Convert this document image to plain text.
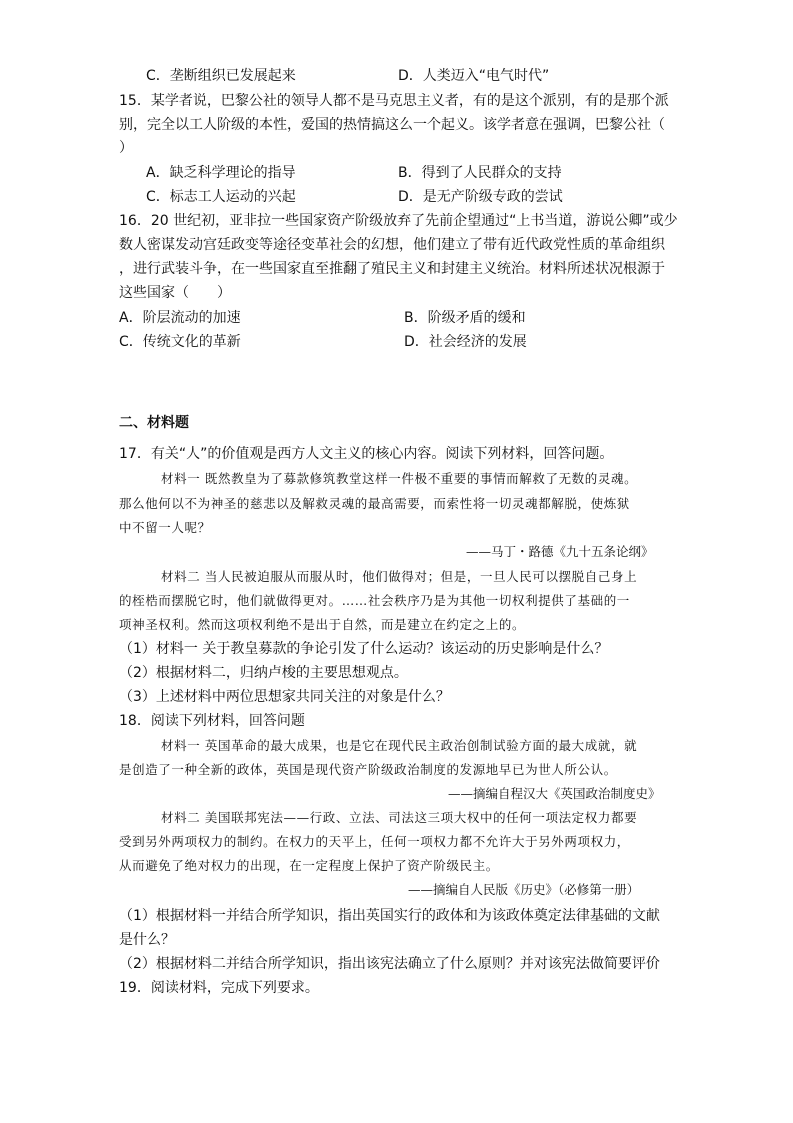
C．垄断组织已发展起来	D．人类迈入“电气时代”
15．某学者说，巴黎公社的领导人都不是马克思主义者，有的是这个派别，有的是那个派
别，完全以工人阶级的本性，爱国的热情搞这么一个起义。该学者意在强调，巴黎公社（
）
A．缺乏科学理论的指导	B．得到了人民群众的支持
C．标志工人运动的兴起	D．是无产阶级专政的尝试
16．20 世纪初，亚非拉一些国家资产阶级放弃了先前企望通过“上书当道，游说公卿”或少
数人密谋发动宫廷政变等途径变革社会的幻想，他们建立了带有近代政党性质的革命组织
，进行武装斗争，在一些国家直至推翻了殖民主义和封建主义统治。材料所述状况根源于
这些国家（　　）
A．阶层流动的加速	B．阶级矛盾的缓和
C．传统文化的革新	D．社会经济的发展
二、材料题
17．有关“人”的价值观是西方人文主义的核心内容。阅读下列材料，回答问题。
材料一 既然教皇为了募款修筑教堂这样一件极不重要的事情而解救了无数的灵魂。
那么他何以不为神圣的慈悲以及解救灵魂的最高需要，而索性将一切灵魂都解脱，使炼狱
中不留一人呢？
——马丁・路德《九十五条论纲》
材料二 当人民被迫服从而服从时，他们做得对；但是，一旦人民可以摆脱自己身上
的桎梏而摆脱它时，他们就做得更对。……社会秩序乃是为其他一切权利提供了基础的一
项神圣权利。然而这项权利绝不是出于自然，而是建立在约定之上的。
（1）材料一 关于教皇募款的争论引发了什么运动？该运动的历史影响是什么？
（2）根据材料二，归纳卢梭的主要思想观点。
（3）上述材料中两位思想家共同关注的对象是什么？
18．阅读下列材料，回答问题
材料一 英国革命的最大成果，也是它在现代民主政治创制试验方面的最大成就，就
是创造了一种全新的政体，英国是现代资产阶级政治制度的发源地早已为世人所公认。
——摘编自程汉大《英国政治制度史》
材料二 美国联邦宪法——行政、立法、司法这三项大权中的任何一项法定权力都要
受到另外两项权力的制约。在权力的天平上，任何一项权力都不允许大于另外两项权力，
从而避免了绝对权力的出现，在一定程度上保护了资产阶级民主。
——摘编自人民版《历史》（必修第一册）
（1）根据材料一并结合所学知识，指出英国实行的政体和为该政体奠定法律基础的文献
是什么？
（2）根据材料二并结合所学知识，指出该宪法确立了什么原则？并对该宪法做简要评价
19．阅读材料，完成下列要求。
